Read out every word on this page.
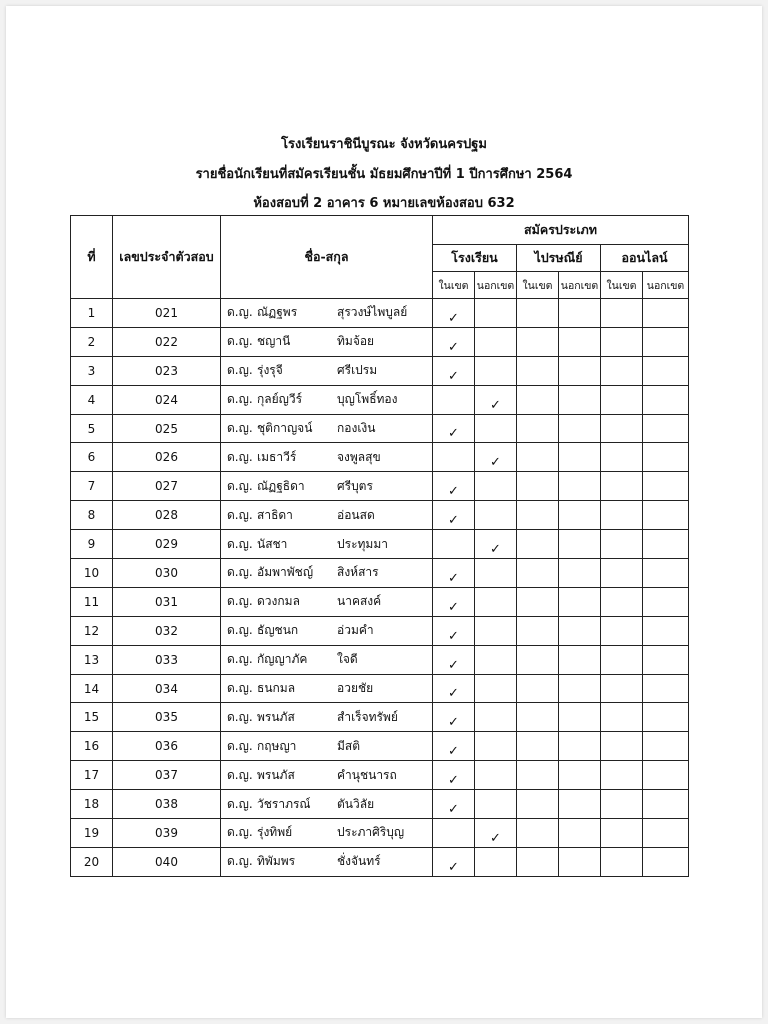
โรงเรียนราชินีบูรณะ จังหวัดนครปฐม
รายชื่อนักเรียนที่สมัครเรียนชั้น มัธยมศึกษาปีที่ 1 ปีการศึกษา 2564
ห้องสอบที่ 2 อาคาร 6 หมายเลขห้องสอบ 632
ที่	เลขประจำตัวสอบ	ชื่อ-สกุล	สมัครประเภท					
			โรงเรียน		ไปรษณีย์		ออนไลน์	
			ในเขต	นอกเขต	ในเขต	นอกเขต	ในเขต	นอกเขต
1	021	ด.ญ. ณัฏฐพร สุรวงษ์ไพบูลย์	✓					
2	022	ด.ญ. ชญานี ทิมจ้อย	✓					
3	023	ด.ญ. รุ่งรุจี ศรีเปรม	✓					
4	024	ด.ญ. กุลย์ญวีร์ บุญโพธิ์ทอง		✓				
5	025	ด.ญ. ชุติกาญจน์ กองเงิน	✓					
6	026	ด.ญ. เมธาวีร์ จงพูลสุข		✓				
7	027	ด.ญ. ณัฏฐธิดา ศรีบุตร	✓					
8	028	ด.ญ. สาธิดา อ่อนสด	✓					
9	029	ด.ญ. นัสชา ประทุมมา		✓				
10	030	ด.ญ. อัมพาพัชญ์ สิงห์สาร	✓					
11	031	ด.ญ. ดวงกมล นาคสงค์	✓					
12	032	ด.ญ. ธัญชนก อ่วมคำ	✓					
13	033	ด.ญ. กัญญาภัค ใจดี	✓					
14	034	ด.ญ. ธนกมล อวยชัย	✓					
15	035	ด.ญ. พรนภัส สำเร็จทรัพย์	✓					
16	036	ด.ญ. กฤษญา มีสติ	✓					
17	037	ด.ญ. พรนภัส คำนุชนารถ	✓					
18	038	ด.ญ. วัชราภรณ์ ตันวิลัย	✓					
19	039	ด.ญ. รุ่งทิพย์ ประภาศิริบุญ		✓				
20	040	ด.ญ. ทิพัมพร ชั่งจันทร์	✓					
